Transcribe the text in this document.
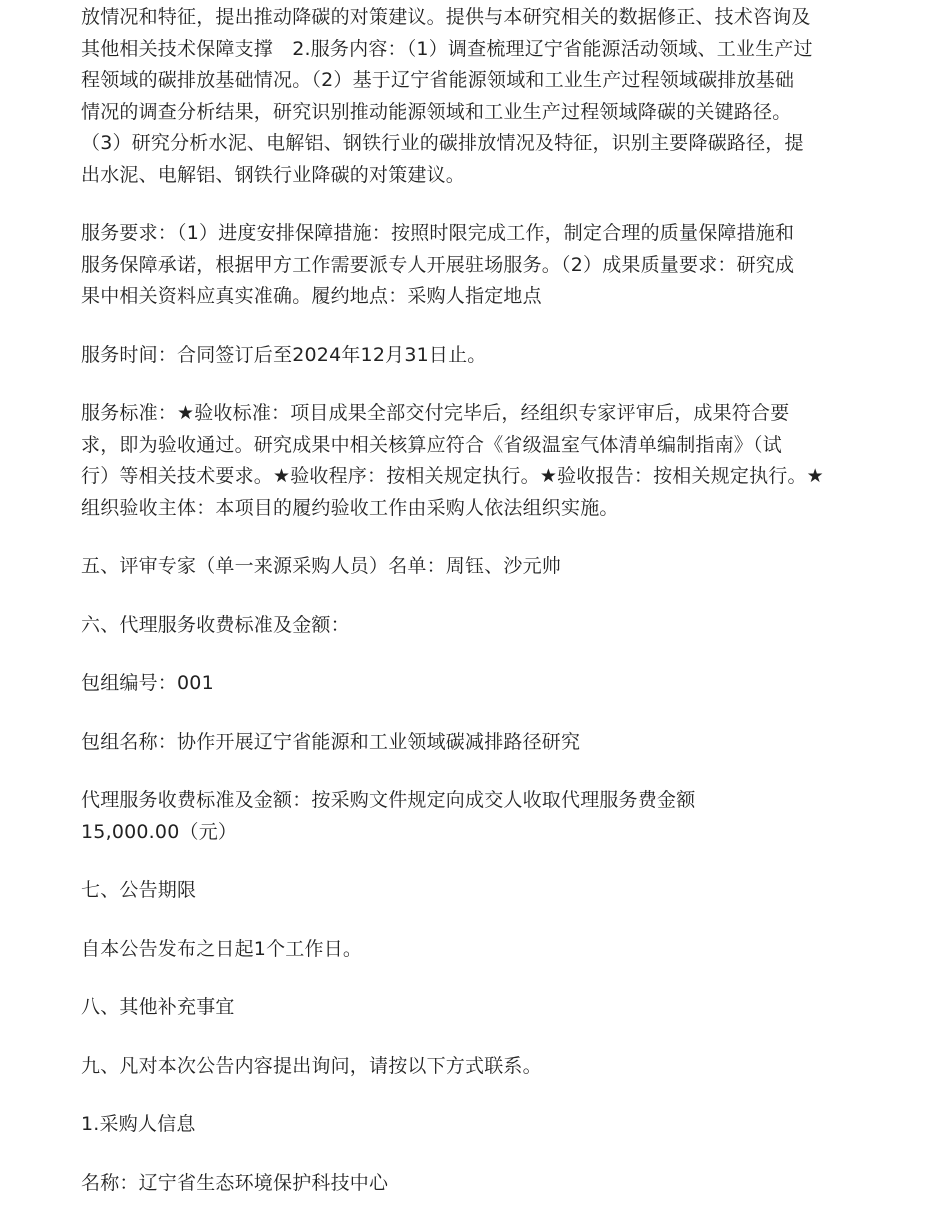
放情况和特征，提出推动降碳的对策建议。提供与本研究相关的数据修正、技术咨询及
其他相关技术保障支撑　2.服务内容：（1）调查梳理辽宁省能源活动领域、工业生产过
程领域的碳排放基础情况。（2）基于辽宁省能源领域和工业生产过程领域碳排放基础
情况的调查分析结果，研究识别推动能源领域和工业生产过程领域降碳的关键路径。
（3）研究分析水泥、电解铝、钢铁行业的碳排放情况及特征，识别主要降碳路径，提
出水泥、电解铝、钢铁行业降碳的对策建议。

服务要求：（1）进度安排保障措施：按照时限完成工作，制定合理的质量保障措施和
服务保障承诺，根据甲方工作需要派专人开展驻场服务。（2）成果质量要求：研究成
果中相关资料应真实准确。履约地点：采购人指定地点

服务时间：合同签订后至2024年12月31日止。

服务标准：★验收标准：项目成果全部交付完毕后，经组织专家评审后，成果符合要
求，即为验收通过。研究成果中相关核算应符合《省级温室气体清单编制指南》（试
行）等相关技术要求。★验收程序：按相关规定执行。★验收报告：按相关规定执行。★
组织验收主体：本项目的履约验收工作由采购人依法组织实施。

五、评审专家（单一来源采购人员）名单：周钰、沙元帅

六、代理服务收费标准及金额：

包组编号：001

包组名称：协作开展辽宁省能源和工业领域碳减排路径研究

代理服务收费标准及金额：按采购文件规定向成交人收取代理服务费金额
15,000.00（元）

七、公告期限

自本公告发布之日起1个工作日。

八、其他补充事宜

九、凡对本次公告内容提出询问，请按以下方式联系。

1.采购人信息

名称：辽宁省生态环境保护科技中心
